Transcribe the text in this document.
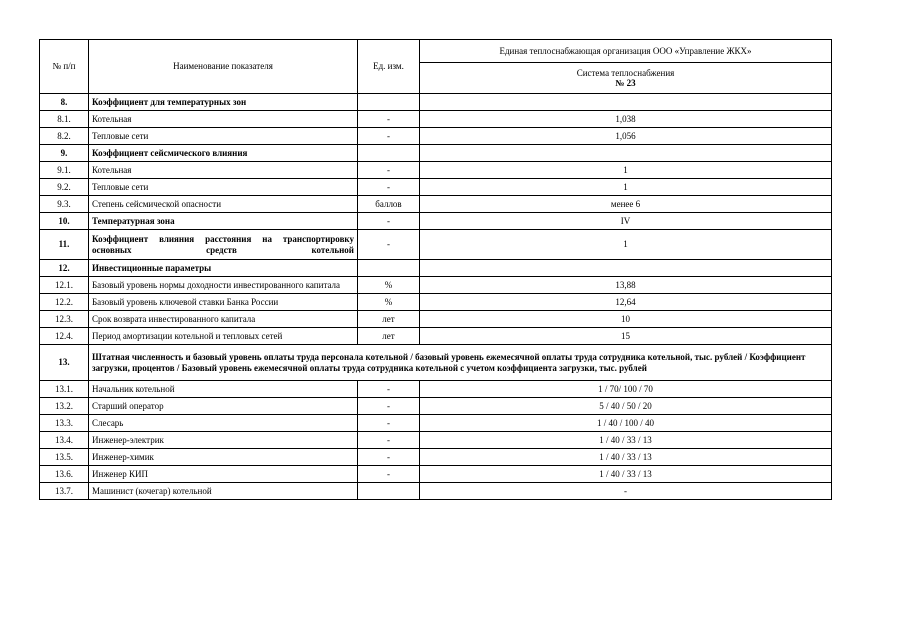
№ п/п	Наименование показателя	Ед. изм.	Единая теплоснабжающая организация ООО «Управление ЖКХ»
			Система теплоснабжения
№ 23

8.	Коэффициент для температурных зон		
8.1.	Котельная	-	1,038
8.2.	Тепловые сети	-	1,056
9.	Коэффициент сейсмического влияния		
9.1.	Котельная	-	1
9.2.	Тепловые сети	-	1
9.3.	Степень сейсмической опасности	баллов	менее 6
10.	Температурная зона	-	IV
11.	Коэффициент влияния расстояния на транспортировку основных средств котельной	-	1
12.	Инвестиционные параметры		
12.1.	Базовый уровень нормы доходности инвестированного капитала	%	13,88
12.2.	Базовый уровень ключевой ставки Банка России	%	12,64
12.3.	Срок возврата инвестированного капитала	лет	10
12.4.	Период амортизации котельной и тепловых сетей	лет	15
13.	Штатная численность и базовый уровень оплаты труда персонала котельной / базовый уровень ежемесячной оплаты труда сотрудника котельной, тыс. рублей / Коэффициент загрузки, процентов / Базовый уровень ежемесячной оплаты труда сотрудника котельной с учетом коэффициента загрузки, тыс. рублей		
13.1.	Начальник котельной	-	1 / 70/ 100 / 70
13.2.	Старший оператор	-	5 / 40 / 50 / 20
13.3.	Слесарь	-	1 / 40 / 100 / 40
13.4.	Инженер-электрик	-	1 / 40 / 33 / 13
13.5.	Инженер-химик	-	1 / 40 / 33 / 13
13.6.	Инженер КИП	-	1 / 40 / 33 / 13
13.7.	Машинист (кочегар) котельной		-
